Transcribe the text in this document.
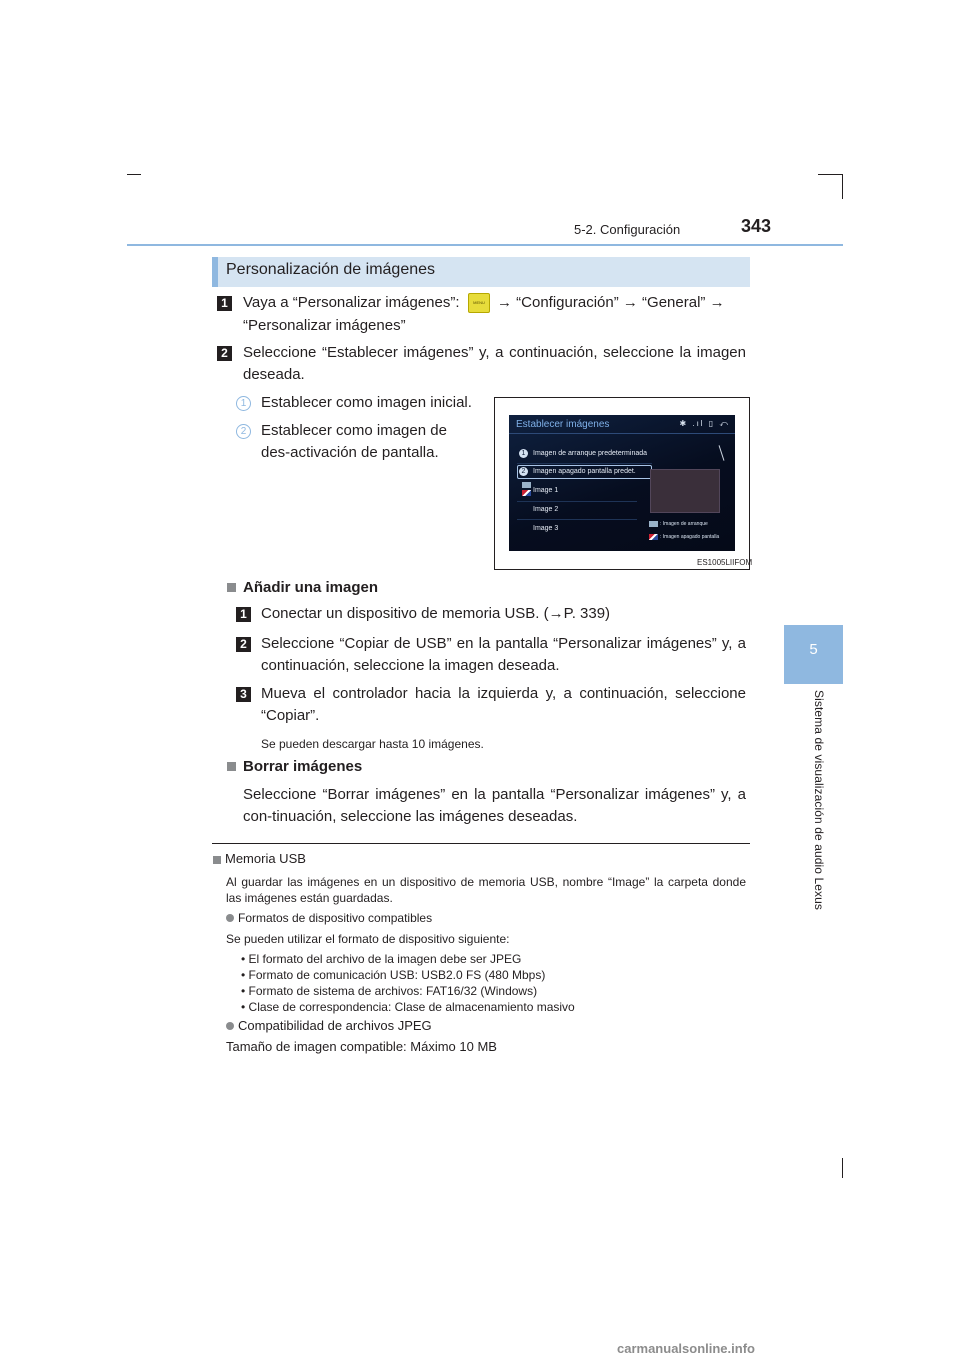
5-2. Configuración	343
5
Sistema de visualización de audio Lexus
Personalización de imágenes
1 Vaya a “Personalizar imágenes”:	MENU → “Configuración” → “General” →
“Personalizar imágenes”
2 Seleccione “Establecer imágenes” y, a continuación, seleccione la imagen deseada.
1 Establecer como imagen inicial.
2 Establecer como imagen de des-activación de pantalla.
Establecer imágenes	✱ .ıl ▯ ⤺
1	Imagen de arranque predeterminada
2	Imagen apagado pantalla predet.
Image 1
Image 2
Image 3
: Imagen de arranque
: Imagen apagado pantalla
ES1005LIIFOM
Añadir una imagen
1 Conectar un dispositivo de memoria USB. (→P. 339)
2 Seleccione “Copiar de USB” en la pantalla “Personalizar imágenes” y, a continuación, seleccione la imagen deseada.
3 Mueva el controlador hacia la izquierda y, a continuación, seleccione “Copiar”.
Se pueden descargar hasta 10 imágenes.
Borrar imágenes
Seleccione “Borrar imágenes” en la pantalla “Personalizar imágenes” y, a con-tinuación, seleccione las imágenes deseadas.
Memoria USB
Al guardar las imágenes en un dispositivo de memoria USB, nombre “Image” la carpeta donde las imágenes están guardadas.
Formatos de dispositivo compatibles
Se pueden utilizar el formato de dispositivo siguiente:
• El formato del archivo de la imagen debe ser JPEG
• Formato de comunicación USB: USB2.0 FS (480 Mbps)
• Formato de sistema de archivos: FAT16/32 (Windows)
• Clase de correspondencia: Clase de almacenamiento masivo
Compatibilidad de archivos JPEG
Tamaño de imagen compatible: Máximo 10 MB
carmanualsonline.info
